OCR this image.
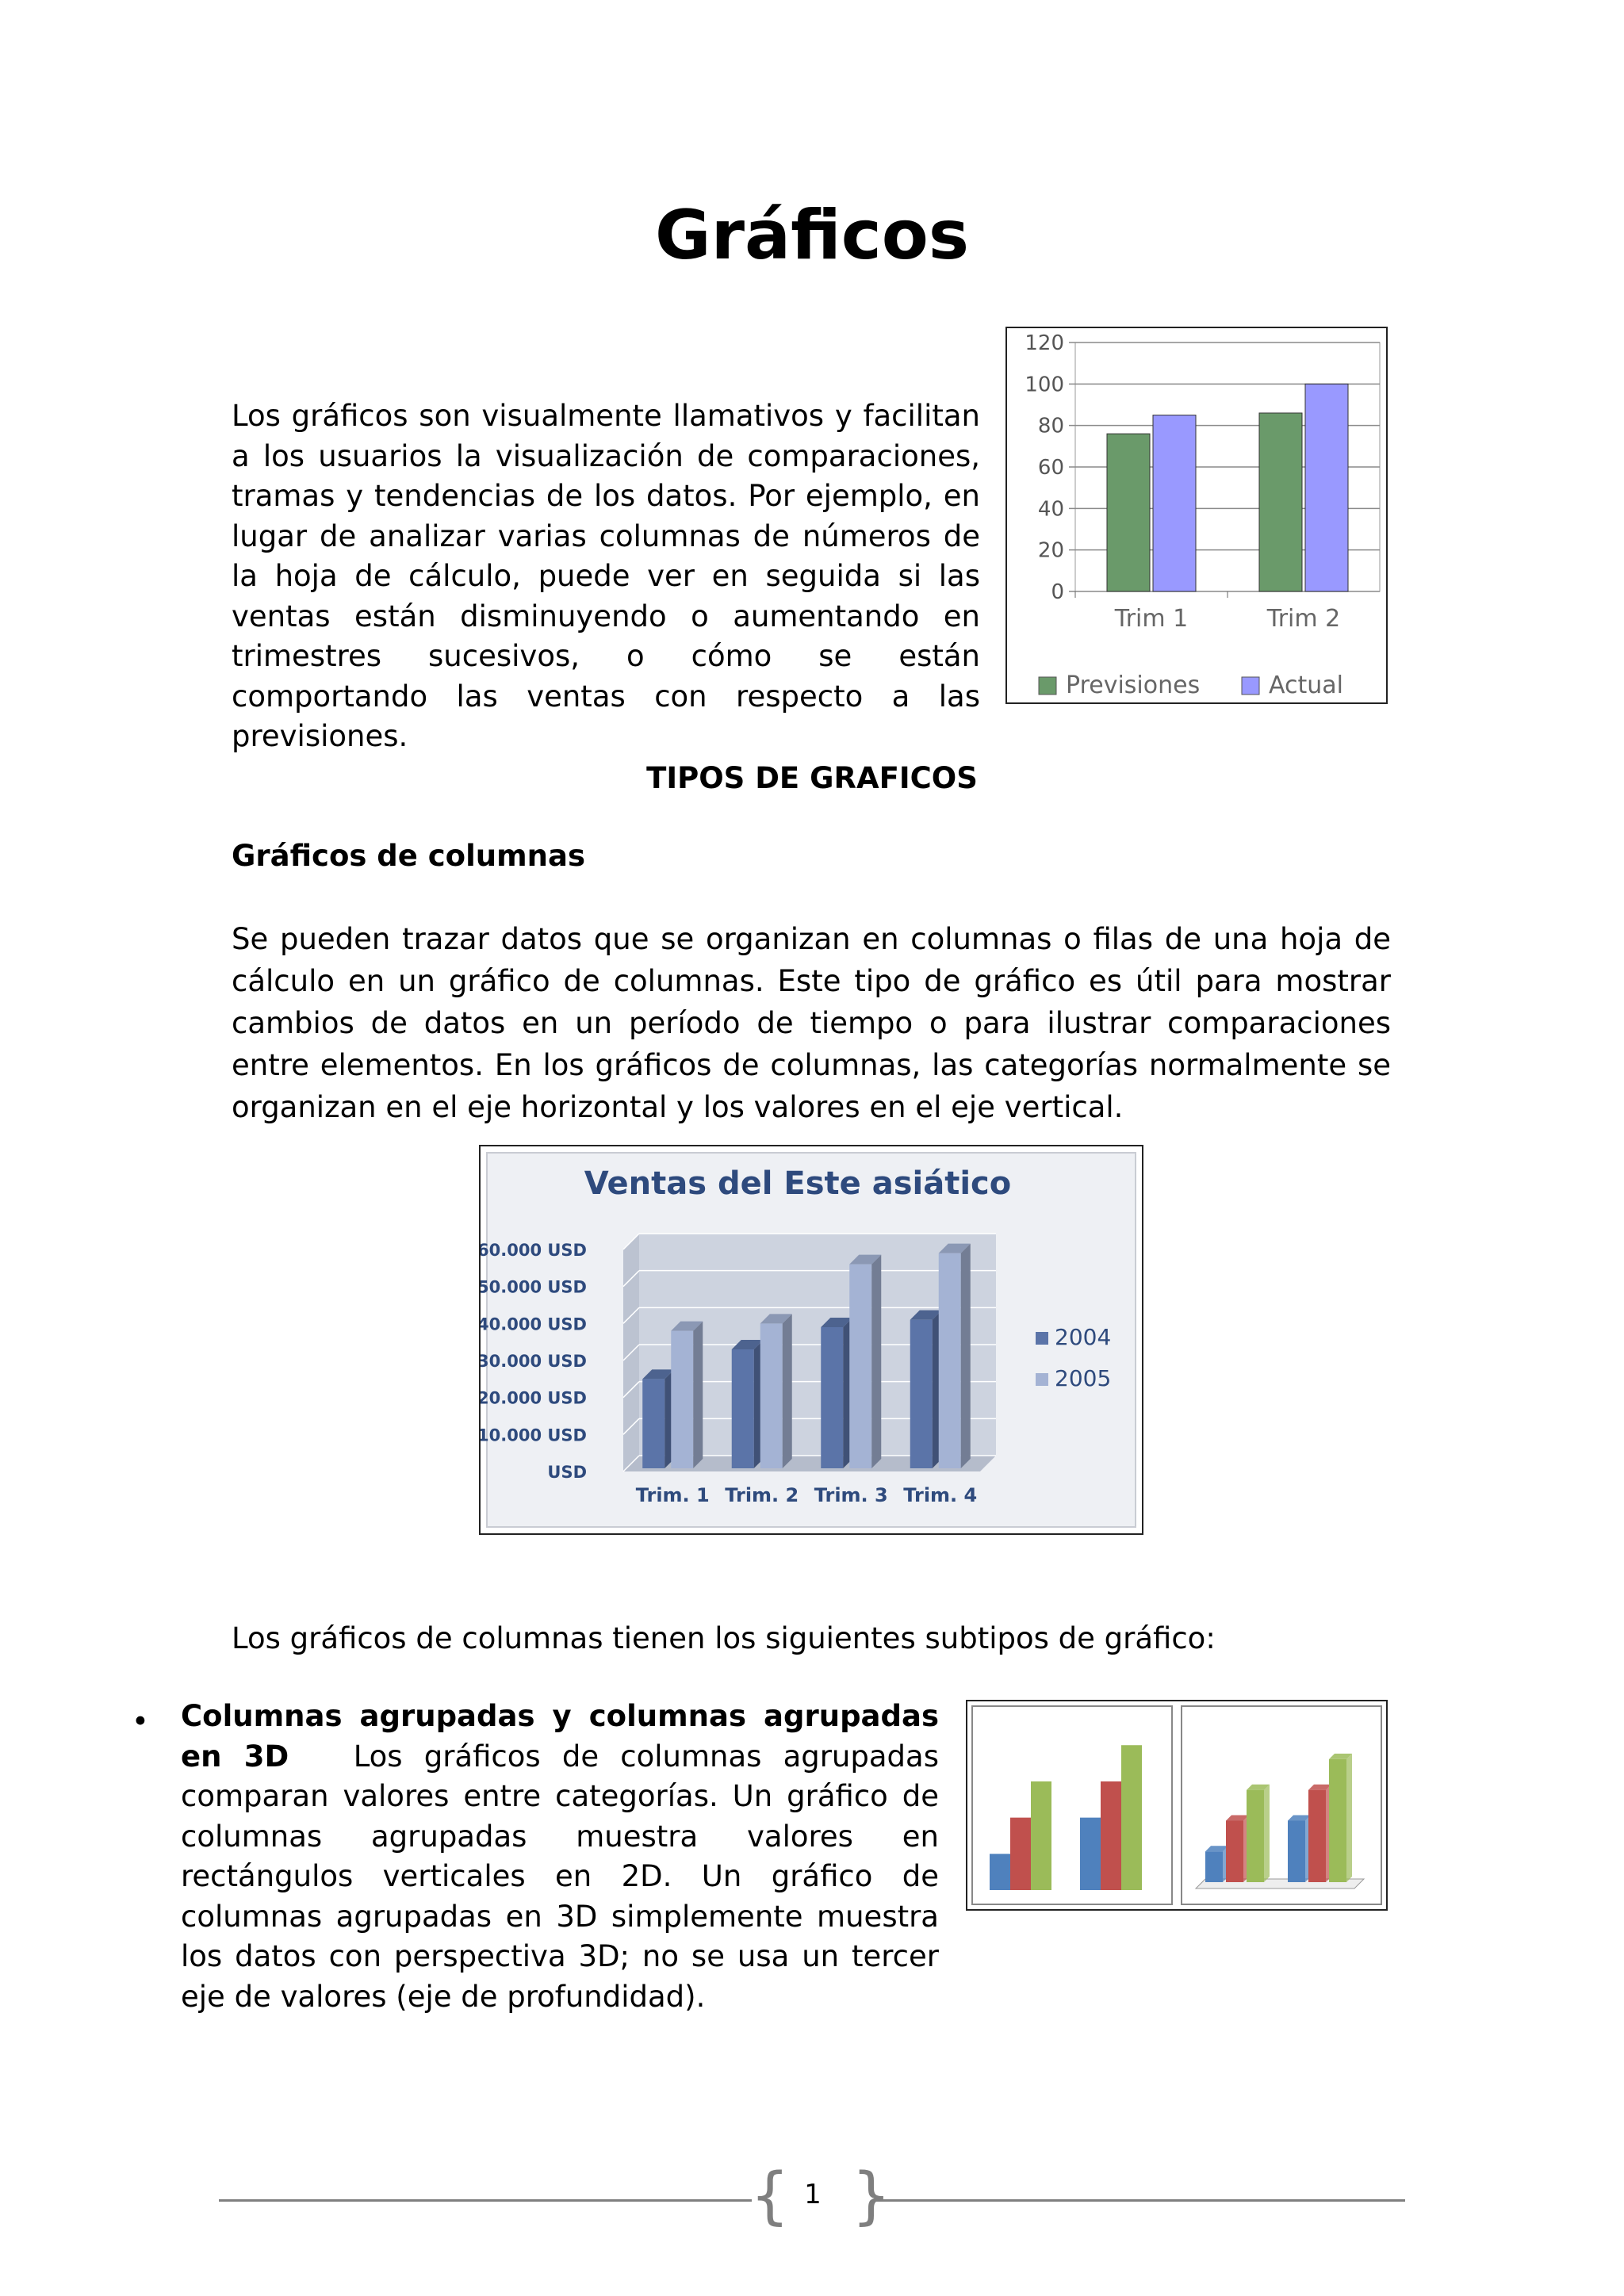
Gráficos
Los gráficos son visualmente llamativos y facilitan a los usuarios la visualización de comparaciones, tramas y tendencias de los datos. Por ejemplo, en lugar de analizar varias columnas de números de la hoja de cálculo, puede ver en seguida si las ventas están disminuyendo o aumentando en trimestres sucesivos, o cómo se están comportando las ventas con respecto a las previsiones.
0
20
40
60
80
100
120
Trim 1	Trim 2
Previsiones	Actual
TIPOS DE GRAFICOS
Gráficos de columnas
Se pueden trazar datos que se organizan en columnas o filas de una hoja de cálculo en un gráfico de columnas. Este tipo de gráfico es útil para mostrar cambios de datos en un período de tiempo o para ilustrar comparaciones entre elementos. En los gráficos de columnas, las categorías normalmente se organizan en el eje horizontal y los valores en el eje vertical.
Ventas del Este asiático
USD
10.000 USD
20.000 USD
30.000 USD
40.000 USD
50.000 USD
60.000 USD
Trim. 1 Trim. 2 Trim. 3 Trim. 4
2004
2005
Los gráficos de columnas tienen los siguientes subtipos de gráfico:
• Columnas agrupadas y columnas agrupadas en 3D Los gráficos de columnas agrupadas comparan valores entre categorías. Un gráfico de columnas agrupadas muestra valores en rectángulos verticales en 2D. Un gráfico de columnas agrupadas en 3D simplemente muestra los datos con perspectiva 3D; no se usa un tercer eje de valores (eje de profundidad).
{ }
1
